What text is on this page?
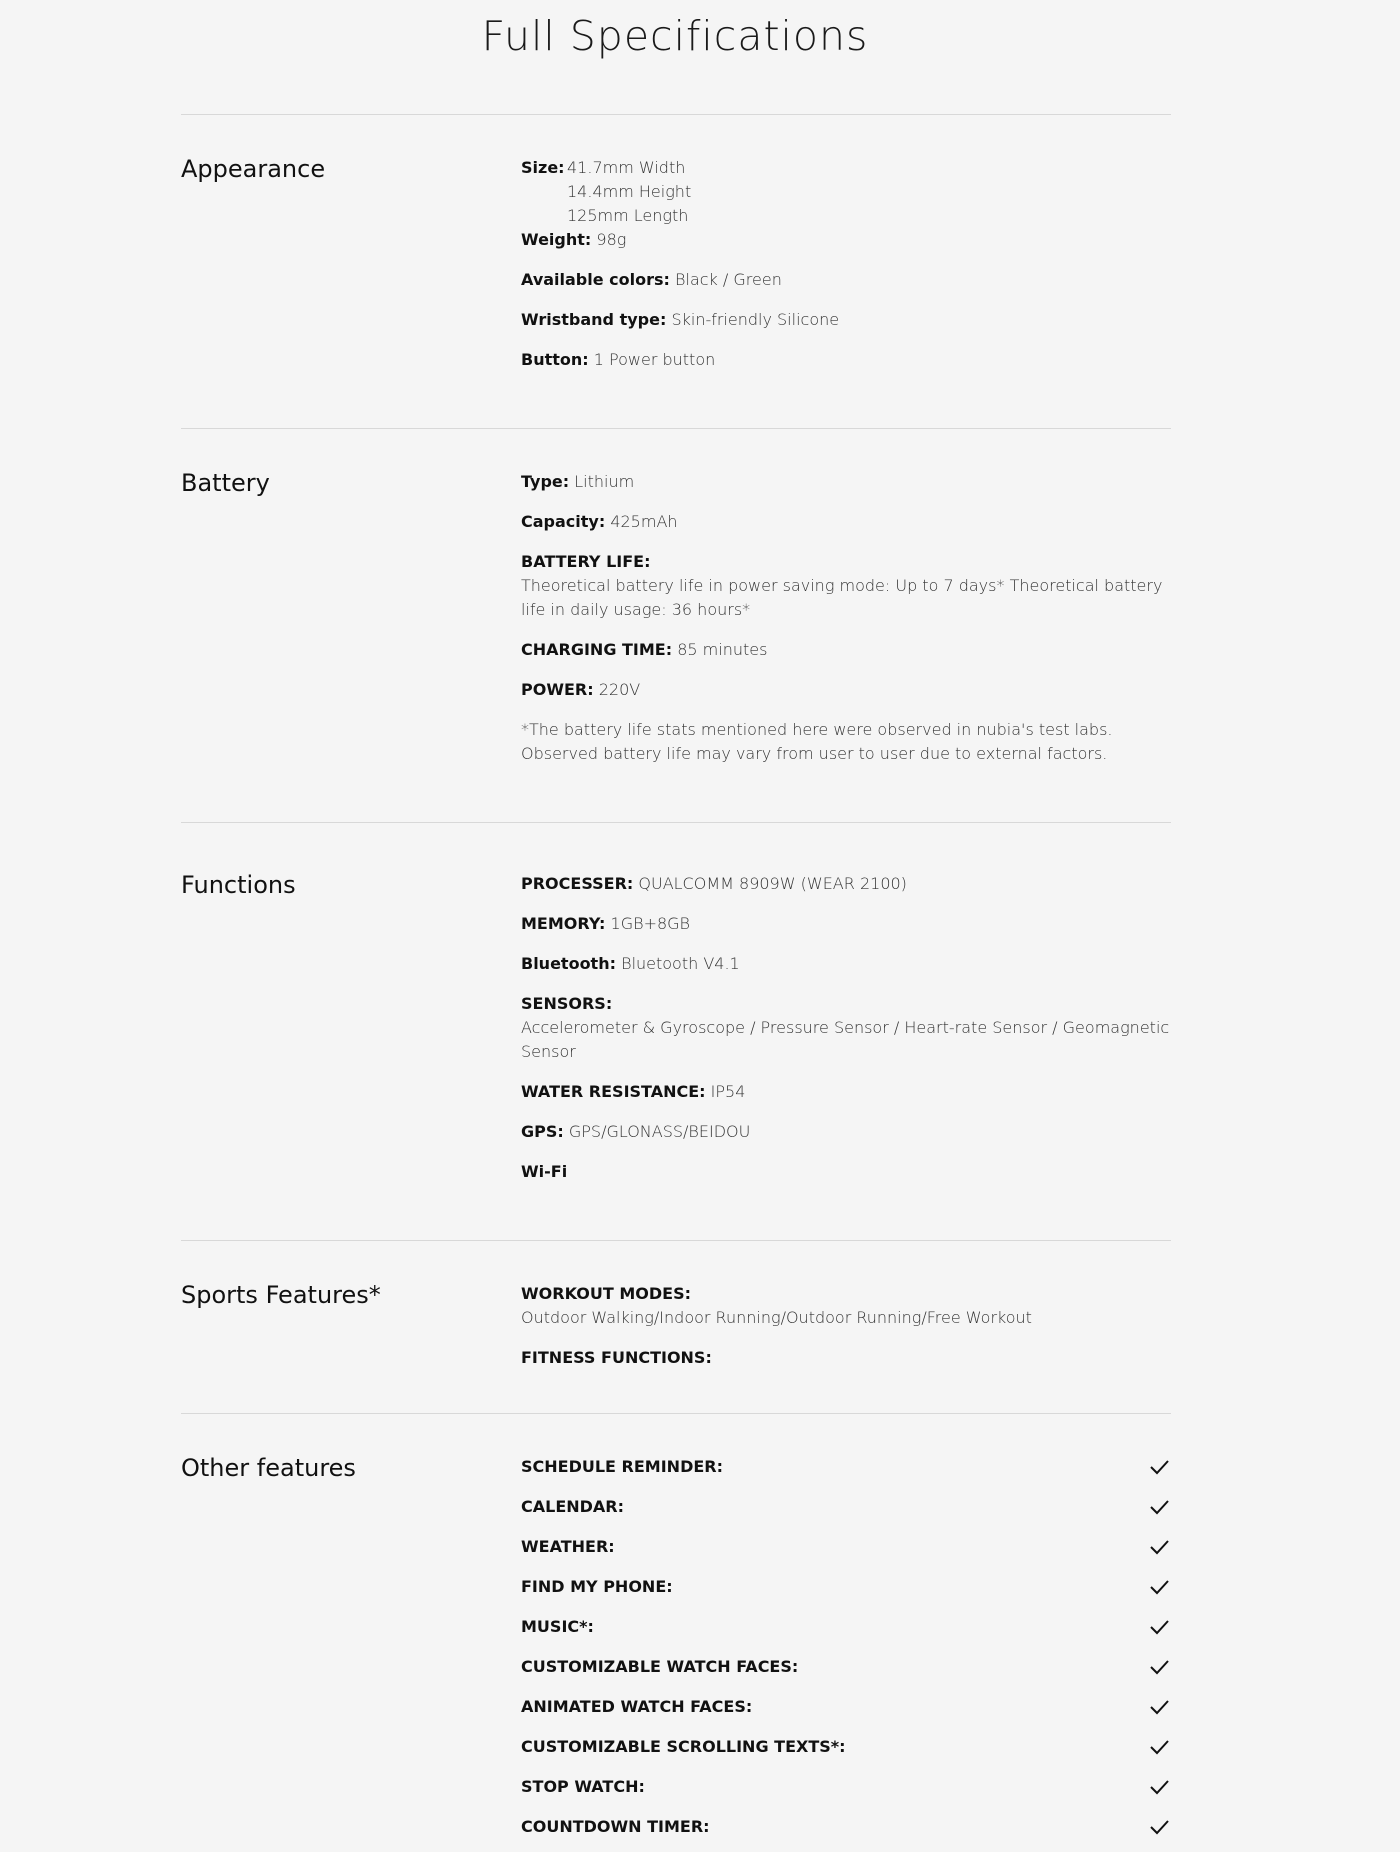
Full Specifications
Appearance	Size: 41.7mm Width
14.4mm Height
125mm Length
Weight: 98g
Available colors: Black / Green
Wristband type: Skin-friendly Silicone
Button: 1 Power button
Battery	Type: Lithium
Capacity: 425mAh
BATTERY LIFE:
Theoretical battery life in power saving mode: Up to 7 days* Theoretical battery life in daily usage: 36 hours*
CHARGING TIME: 85 minutes
POWER: 220V
*The battery life stats mentioned here were observed in nubia's test labs. Observed battery life may vary from user to user due to external factors.
Functions	PROCESSER: QUALCOMM 8909W (WEAR 2100)
MEMORY: 1GB+8GB
Bluetooth: Bluetooth V4.1
SENSORS:
Accelerometer & Gyroscope / Pressure Sensor / Heart-rate Sensor / Geomagnetic Sensor
WATER RESISTANCE: IP54
GPS: GPS/GLONASS/BEIDOU
Wi-Fi
Sports Features*	WORKOUT MODES:
Outdoor Walking/Indoor Running/Outdoor Running/Free Workout
FITNESS FUNCTIONS:
Other features	SCHEDULE REMINDER:
CALENDAR:
WEATHER:
FIND MY PHONE:
MUSIC*:
CUSTOMIZABLE WATCH FACES:
ANIMATED WATCH FACES:
CUSTOMIZABLE SCROLLING TEXTS*:
STOP WATCH:
COUNTDOWN TIMER:
